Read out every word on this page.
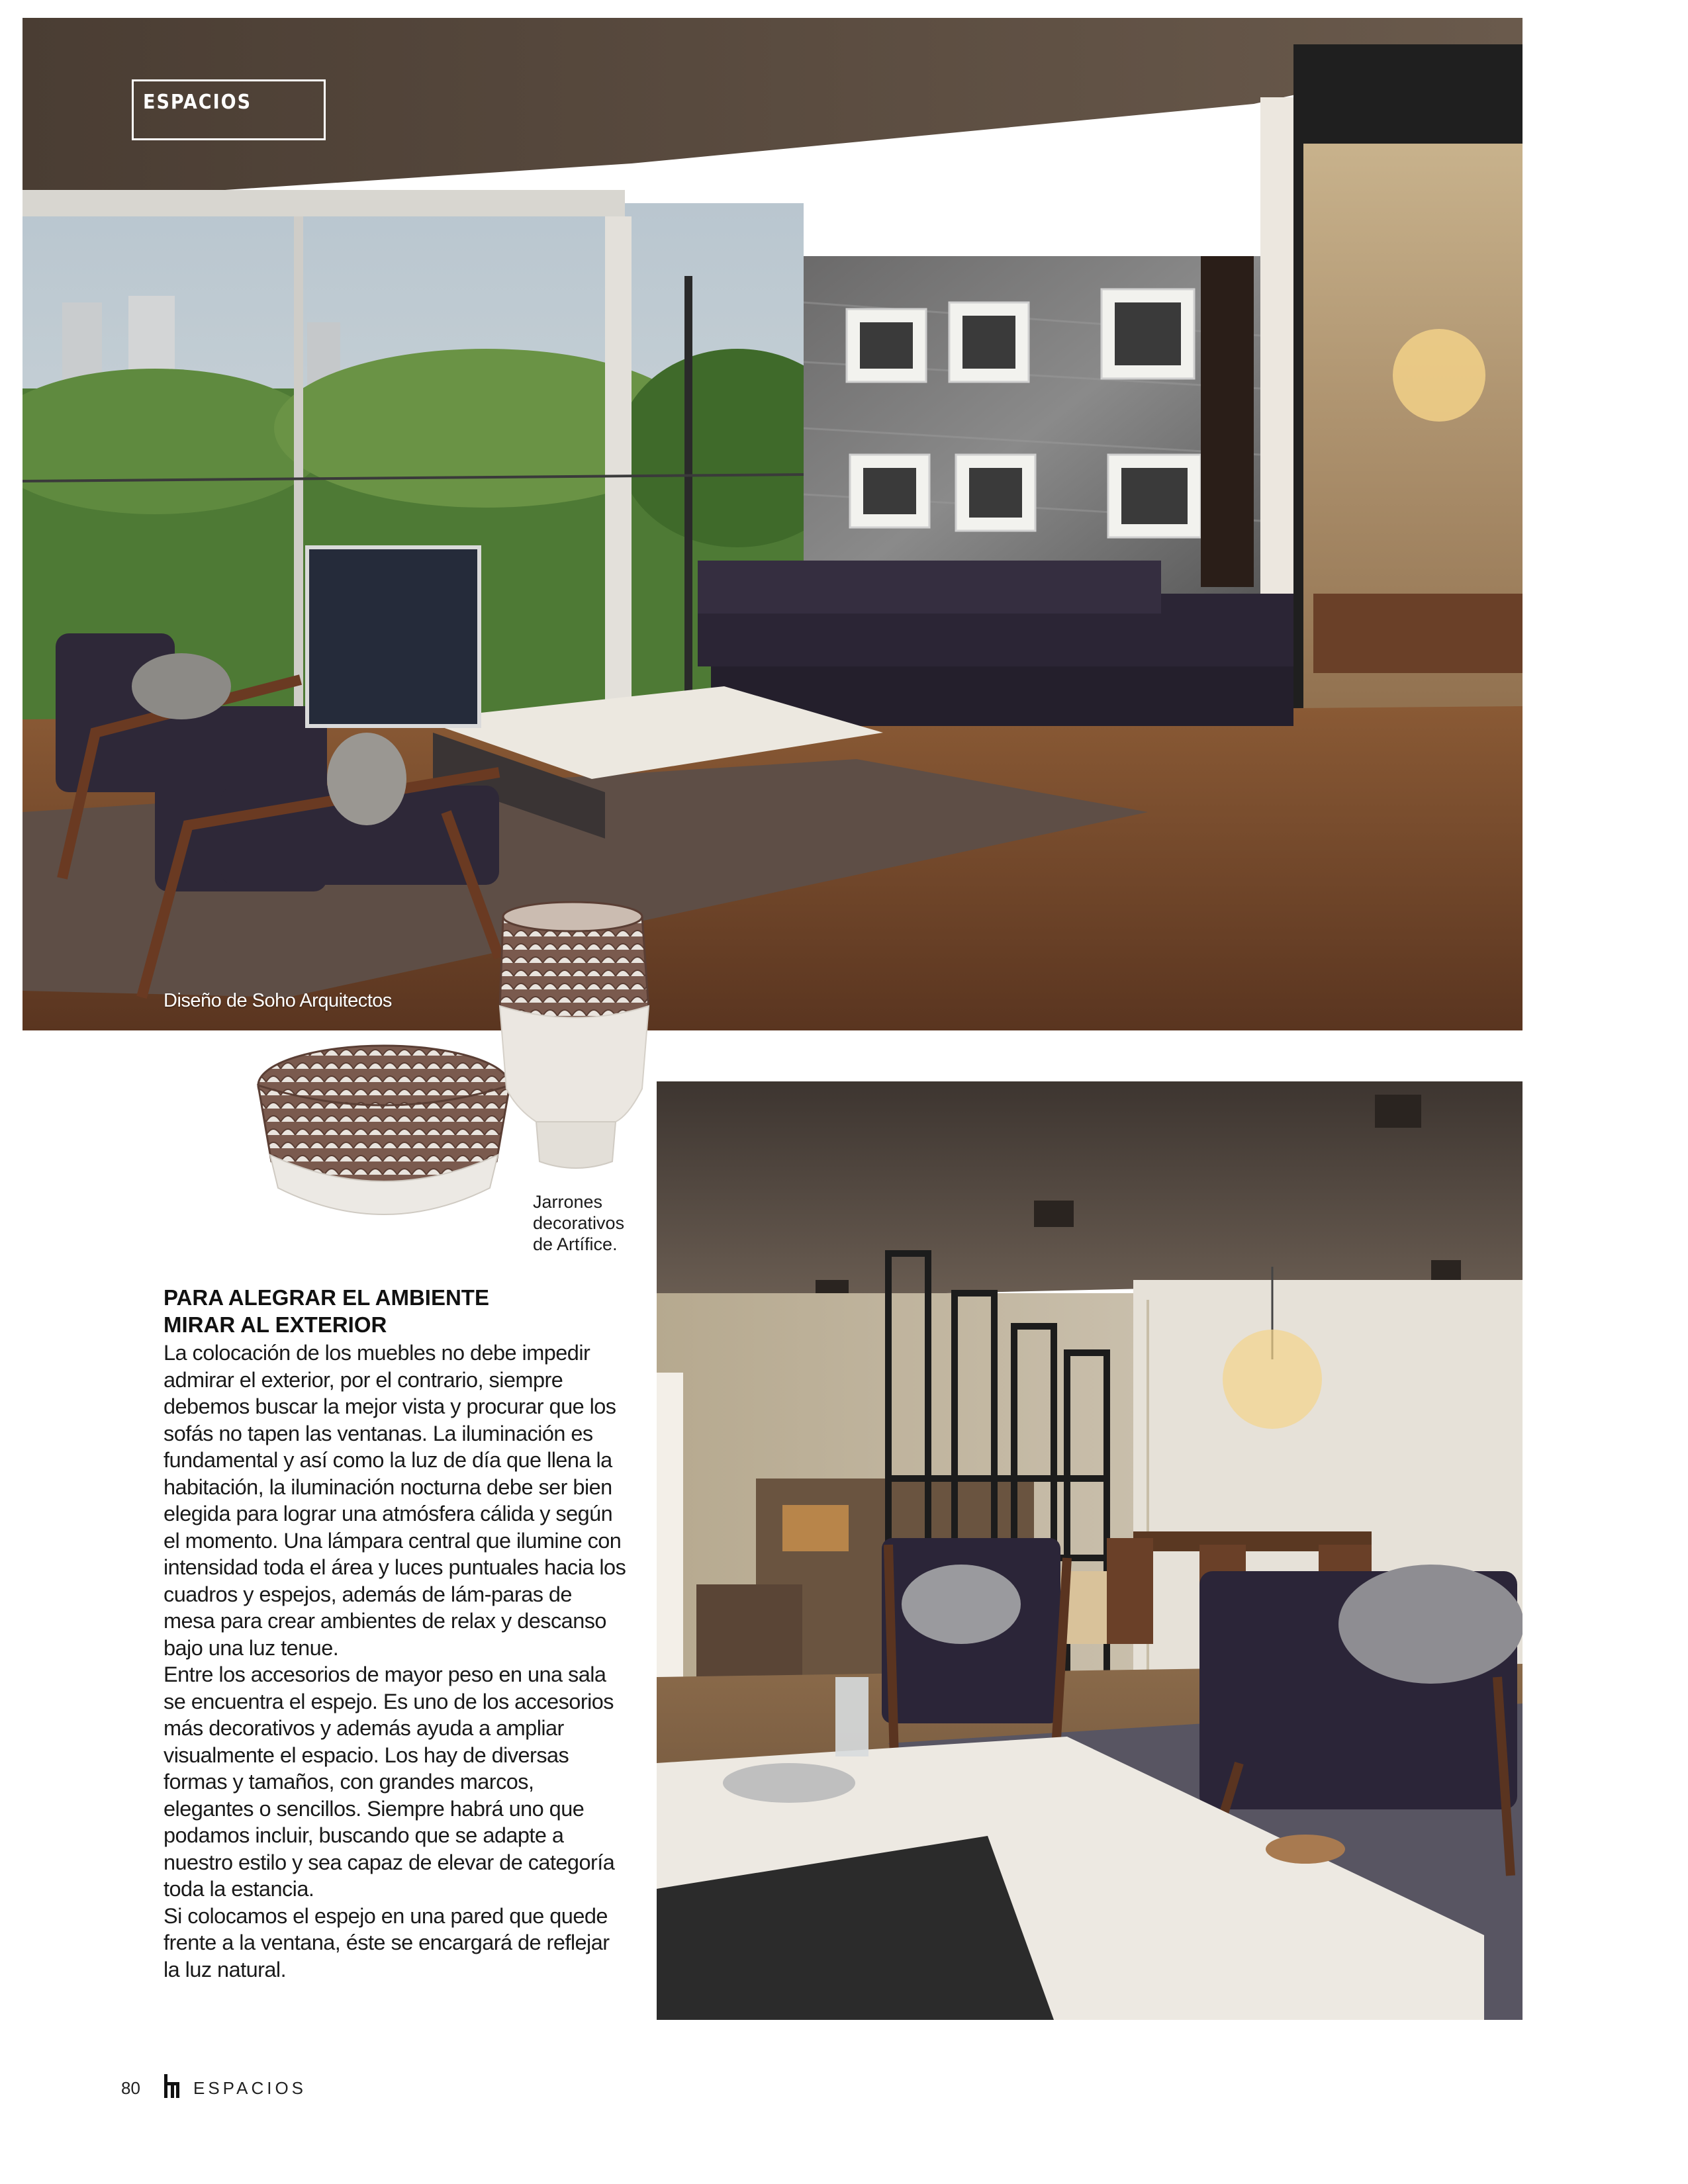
ESPACIOS
Diseño de Soho Arquitectos
Jarrones
decorativos
de Artífice.
PARA ALEGRAR EL AMBIENTE
MIRAR AL EXTERIOR

La colocación de los muebles no debe impedir admirar el exterior, por el contrario, siempre debemos buscar la mejor vista y procurar que los sofás no tapen las ventanas. La iluminación es fundamental y así como la luz de día que llena la habitación, la iluminación nocturna debe ser bien elegida para lograr una atmósfera cálida y según el momento. Una lámpara central que ilumine con intensidad toda el área y luces puntuales hacia los cuadros y espejos, además de lám-paras de mesa para crear ambientes de relax y descanso bajo una luz tenue.

Entre los accesorios de mayor peso en una sala se encuentra el espejo. Es uno de los accesorios más decorativos y además ayuda a ampliar visualmente el espacio. Los hay de diversas formas y tamaños, con grandes marcos, elegantes o sencillos. Siempre habrá uno que podamos incluir, buscando que se adapte a nuestro estilo y sea capaz de elevar de categoría toda la estancia.

Si colocamos el espejo en una pared que quede frente a la ventana, éste se encargará de reflejar la luz natural.

80	ESPACIOS
